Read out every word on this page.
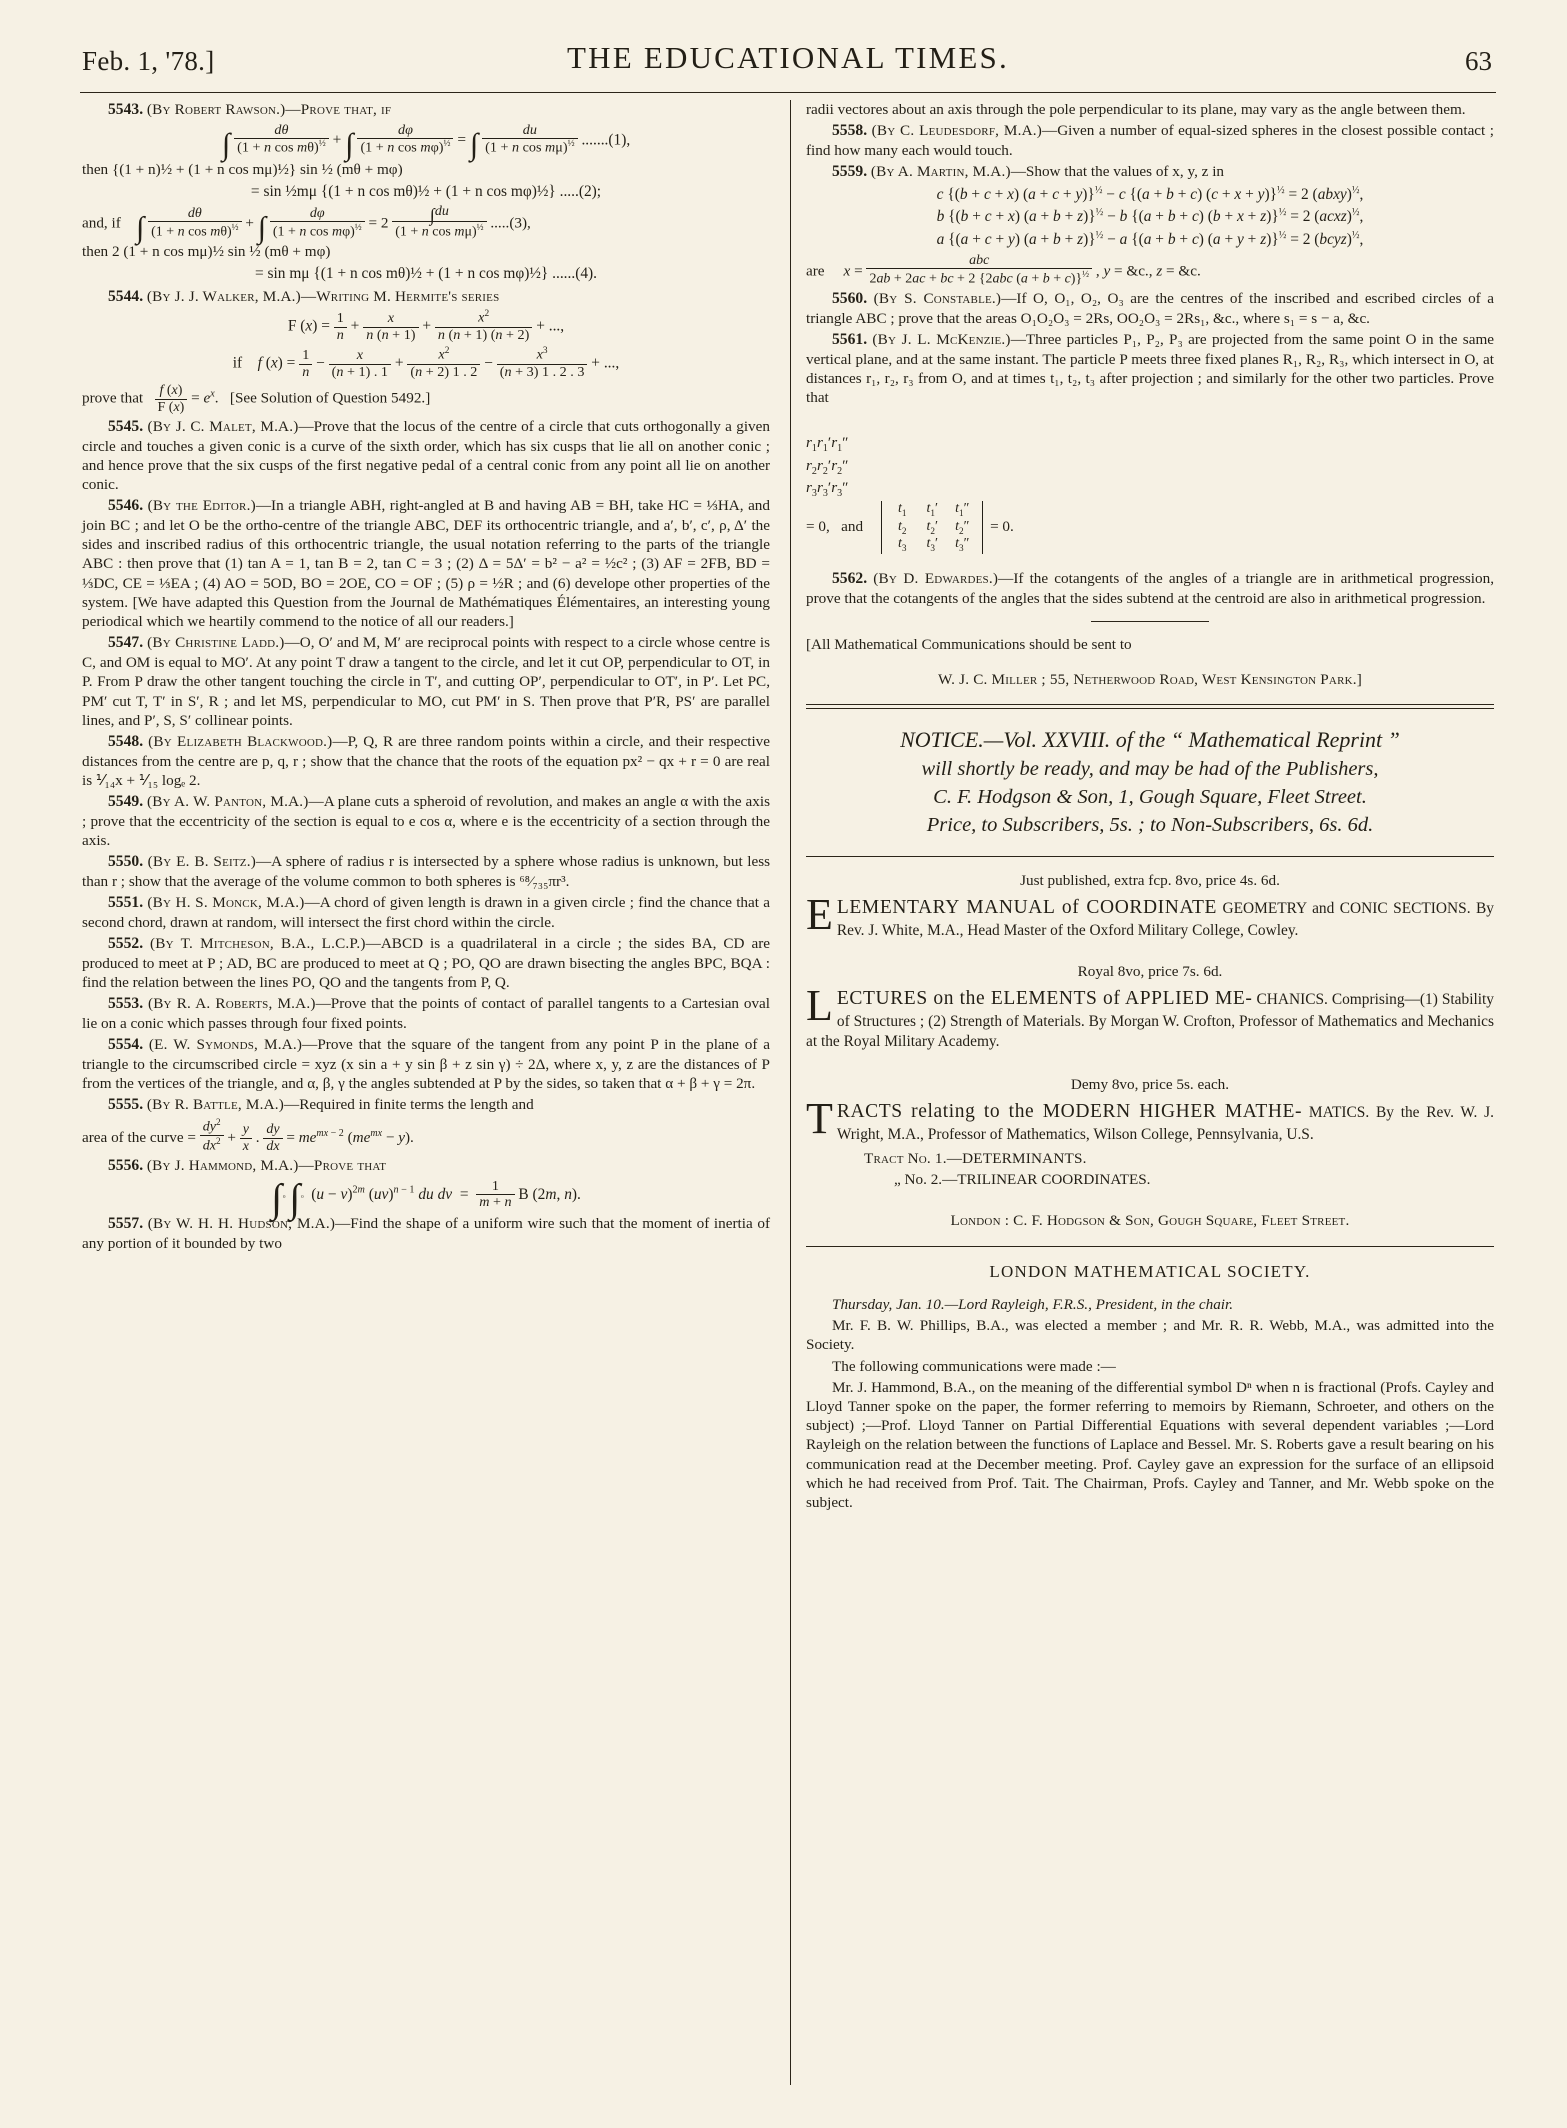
Feb. 1, '78.]	THE EDUCATIONAL TIMES.	63

5543. (By Robert Rawson.)—Prove that, if

∫ $\frac{d\theta}{(1 + n \cos m\theta)^{\frac{1}{2}}}$ + ∫ $\frac{d\varphi}{(1 + n \cos m\varphi)^{\frac{1}{2}}}$ = ∫ $\frac{du}{(1 + n \cos m\mu)^{\frac{1}{2}}} .......(1)$,

then {(1 + n)½ + (1 + n cos mμ)½} sin ½ (mθ + mφ)

= sin ½mμ {(1 + n cos mθ)½ + (1 + n cos mφ)½} .....(2);

and, if ∫ $\frac{d\theta}{(1 + n \cos m\theta)^{\frac{1}{2}}}$ + ∫ $\frac{d\varphi}{(1 + n \cos m\varphi)^{\frac{1}{2}}} = 2 \frac{\int du}{(1 + n \cos m\mu)^{\frac{1}{2}}} .....(3)$,

then 2 (1 + n cos mμ)½ sin ½ (mθ + mφ)

= sin mμ {(1 + n cos mθ)½ + (1 + n cos mφ)½} ......(4).

5544. (By J. J. Walker, M.A.)—Writing M. Hermite's series

F $(x) = \frac{1}{n} + \frac{x}{n (n + 1)} + \frac{x^2}{n (n + 1) (n + 2)}$ + ...,

if    f $(x) = \frac{1}{n} - \frac{x}{(n + 1) . 1} + \frac{x^2}{(n + 2) 1 . 2} - \frac{x^3}{(n + 3) 1 . 2 . 3}$ + ...,

prove that $\frac{f (x)}{F (x)} = e^x$.   [See Solution of Question 5492.]

5545. (By J. C. Malet, M.A.)—Prove that the locus of the centre of a circle that cuts orthogonally a given circle and touches a given conic is a curve of the sixth order, which has six cusps that lie all on another conic ; and hence prove that the six cusps of the first negative pedal of a central conic from any point all lie on another conic.

5546. (By the Editor.)—In a triangle ABH, right-angled at B and having AB = BH, take HC = ⅓HA, and join BC ; and let O be the ortho-centre of the triangle ABC, DEF its orthocentric triangle, and a′, b′, c′, ρ, Δ′ the sides and inscribed radius of this orthocentric triangle, the usual notation referring to the parts of the triangle ABC : then prove that (1) tan A = 1, tan B = 2, tan C = 3 ; (2) Δ = 5Δ′ = b² − a² = ½c² ; (3) AF = 2FB, BD = ⅓DC, CE = ⅓EA ; (4) AO = 5OD, BO = 2OE, CO = OF ; (5) ρ = ½R ; and (6) develope other properties of the system. [We have adapted this Question from the Journal de Mathématiques Élémentaires, an interesting young periodical which we heartily commend to the notice of all our readers.]

5547. (By Christine Ladd.)—O, O′ and M, M′ are reciprocal points with respect to a circle whose centre is C, and OM is equal to MO′. At any point T draw a tangent to the circle, and let it cut OP, perpendicular to OT, in P. From P draw the other tangent touching the circle in T′, and cutting OP′, perpendicular to OT′, in P′. Let PC, PM′ cut T, T′ in S′, R ; and let MS, perpendicular to MO, cut PM′ in S. Then prove that P′R, PS′ are parallel lines, and P′, S, S′ collinear points.

5548. (By Elizabeth Blackwood.)—P, Q, R are three random points within a circle, and their respective distances from the centre are p, q, r ; show that the chance that the roots of the equation px² − qx + r = 0 are real is ⅟₁₄x + ⅟₁₅ logₑ 2.

5549. (By A. W. Panton, M.A.)—A plane cuts a spheroid of revolution, and makes an angle α with the axis ; prove that the eccentricity of the section is equal to e cos α, where e is the eccentricity of a section through the axis.

5550. (By E. B. Seitz.)—A sphere of radius r is intersected by a sphere whose radius is unknown, but less than r ; show that the average of the volume common to both spheres is ⁶⁸⁄₇₃₅πr³.

5551. (By H. S. Monck, M.A.)—A chord of given length is drawn in a given circle ; find the chance that a second chord, drawn at random, will intersect the first chord within the circle.

5552. (By T. Mitcheson, B.A., L.C.P.)—ABCD is a quadrilateral in a circle ; the sides BA, CD are produced to meet at P ; AD, BC are produced to meet at Q ; PO, QO are drawn bisecting the angles BPC, BQA : find the relation between the lines PO, QO and the tangents from P, Q.

5553. (By R. A. Roberts, M.A.)—Prove that the points of contact of parallel tangents to a Cartesian oval lie on a conic which passes through four fixed points.

5554. (E. W. Symonds, M.A.)—Prove that the square of the tangent from any point P in the plane of a triangle to the circumscribed circle = xyz (x sin a + y sin β + z sin γ) ÷ 2Δ, where x, y, z are the distances of P from the vertices of the triangle, and α, β, γ the angles subtended at P by the sides, so taken that α + β + γ = 2π.

5555. (By R. Battle, M.A.)—Required in finite terms the length and

area of the curve = $\frac{dy^2}{dx^2} + \frac{y}{x}$ . $\frac{dy}{dx} = me^{mx - 2}$ $(me^{mx} - y)$.

5556. (By J. Hammond, M.A.)—Prove that

∫
0 ∫
0  $(u - v)^{2m}$ (uv)$^{n - 1}$ du dv  = $\frac{1}{m + n}$ B (2m, n).

5557. (By W. H. H. Hudson, M.A.)—Find the shape of a uniform wire such that the moment of inertia of any portion of it bounded by two

radii vectores about an axis through the pole perpendicular to its plane, may vary as the angle between them.

5558. (By C. Leudesdorf, M.A.)—Given a number of equal-sized spheres in the closest possible contact ; find how many each would touch.

5559. (By A. Martin, M.A.)—Show that the values of x, y, z in

c {(b + c + x) (a + c + y)}$^{\frac{1}{2}}$ − c {(a + b + c) (c + x + y)}$^{\frac{1}{2}}$ = 2 (abxy)$^{\frac{1}{2}}$,

b {(b + c + x) (a + b + z)}$^{\frac{1}{2}}$ − b {(a + b + c) (b + x + z)}$^{\frac{1}{2}}$ = 2 (acxz)$^{\frac{1}{2}}$,

a {(a + c + y) (a + b + z)}$^{\frac{1}{2}}$ − a {(a + b + c) (a + y + z)}$^{\frac{1}{2}}$ = 2 (bcyz)$^{\frac{1}{2}}$,

are $x = \frac{\text{abc}}{2ab + 2ac + bc + 2 \{2abc (a + b + c)\}^{\frac{1}{2}}}$ , y = &c., z = &c.

5560. (By S. Constable.)—If O, O₁, O₂, O₃ are the centres of the inscribed and escribed circles of a triangle ABC ; prove that the areas O₁O₂O₃ = 2Rs, OO₂O₃ = 2Rs₁, &c., where s₁ = s − a, &c.

5561. (By J. L. McKenzie.)—Three particles P₁, P₂, P₃ are projected from the same point O in the same vertical plane, and at the same instant. The particle P meets three fixed planes R₁, R₂, R₃, which intersect in O, at distances r₁, r₂, r₃ from O, and at times t₁, t₂, t₃ after projection ; and similarly for the other two particles. Prove that

$r_1r_1'r_1''$
$r_2r_2'r_2''$
$r_3r_3'r_3''$
= 0,   and
$t_1$ $t_1'$ $t_1''$
$t_2$ $t_2'$ $t_2''$
$t_3$ $t_3'$ $t_3''$
= 0.

5562. (By D. Edwardes.)—If the cotangents of the angles of a triangle are in arithmetical progression, prove that the cotangents of the angles that the sides subtend at the centroid are also in arithmetical progression.

[All Mathematical Communications should be sent to

W. J. C. Miller ; 55, Netherwood Road, West Kensington Park.]

NOTICE.—Vol. XXVIII. of the “ Mathematical Reprint ”

will shortly be ready, and may be had of the Publishers,

C. F. Hodgson & Son, 1, Gough Square, Fleet Street.

Price, to Subscribers, 5s. ; to Non-Subscribers, 6s. 6d.

Just published, extra fcp. 8vo, price 4s. 6d.

ELEMENTARY MANUAL of COORDINATE GEOMETRY and CONIC SECTIONS. By Rev. J. White, M.A., Head Master of the Oxford Military College, Cowley.

Royal 8vo, price 7s. 6d.

LECTURES on the ELEMENTS of APPLIED ME- CHANICS. Comprising—(1) Stability of Structures ; (2) Strength of Materials. By Morgan W. Crofton, Professor of Mathematics and Mechanics at the Royal Military Academy.

Demy 8vo, price 5s. each.

TRACTS relating to the MODERN HIGHER MATHE- MATICS. By the Rev. W. J. Wright, M.A., Professor of Mathematics, Wilson College, Pennsylvania, U.S.

Tract No. 1.—DETERMINANTS.

„ No. 2.—TRILINEAR COORDINATES.

London : C. F. Hodgson & Son, Gough Square, Fleet Street.

LONDON MATHEMATICAL SOCIETY.

Thursday, Jan. 10.—Lord Rayleigh, F.R.S., President, in the chair.

Mr. F. B. W. Phillips, B.A., was elected a member ; and Mr. R. R. Webb, M.A., was admitted into the Society.

The following communications were made :—

Mr. J. Hammond, B.A., on the meaning of the differential symbol Dⁿ when n is fractional (Profs. Cayley and Lloyd Tanner spoke on the paper, the former referring to memoirs by Riemann, Schroeter, and others on the subject) ;—Prof. Lloyd Tanner on Partial Differential Equations with several dependent variables ;—Lord Rayleigh on the relation between the functions of Laplace and Bessel. Mr. S. Roberts gave a result bearing on his communication read at the December meeting. Prof. Cayley gave an expression for the surface of an ellipsoid which he had received from Prof. Tait. The Chairman, Profs. Cayley and Tanner, and Mr. Webb spoke on the subject.
